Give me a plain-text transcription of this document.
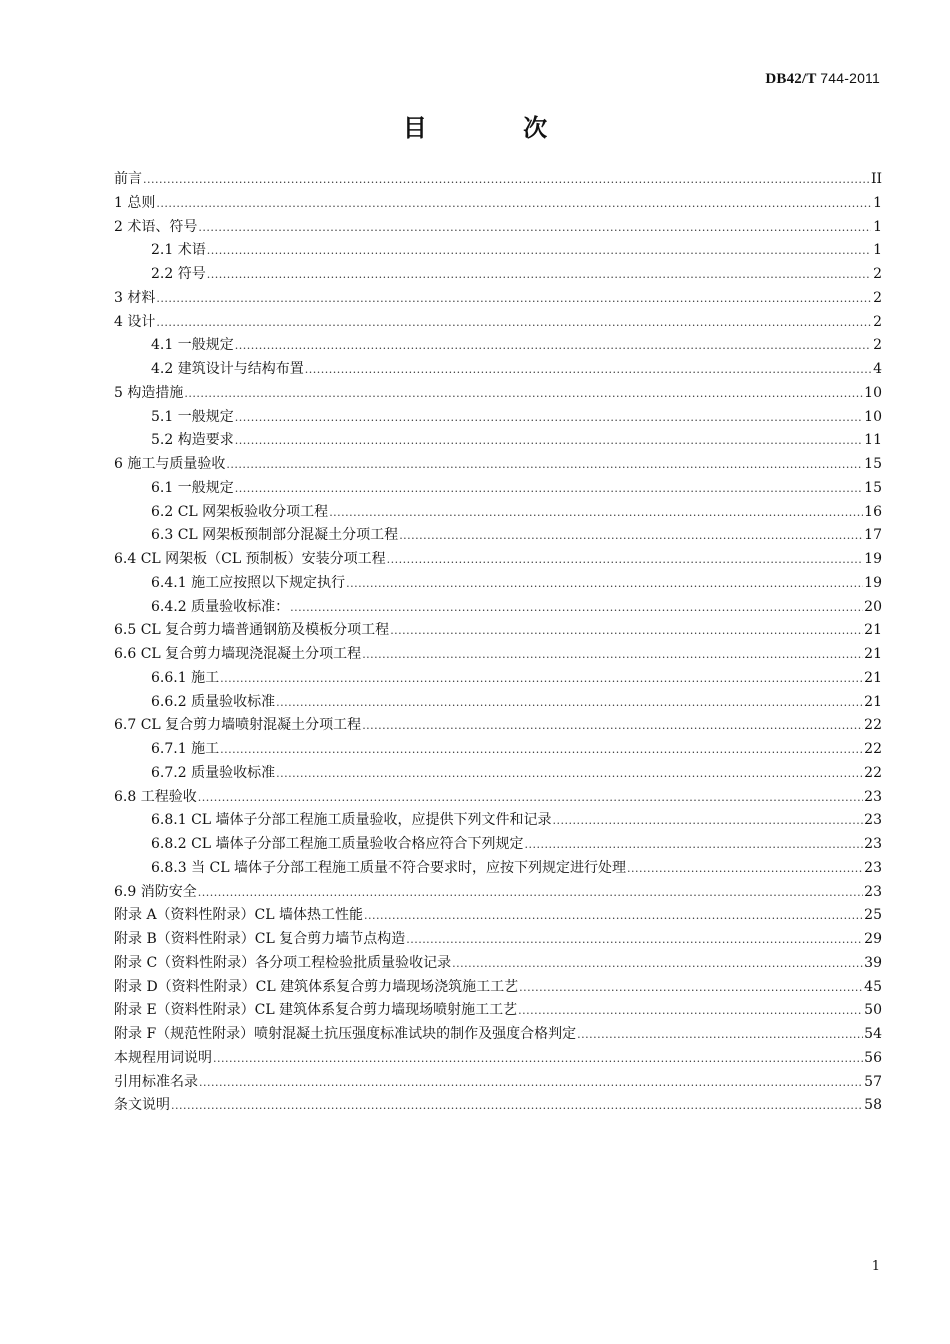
DB42/T 744-2011
目 次
前言 .....	II
1 总则 .....	1
2 术语、符号 .....	1
2.1 术语 .....	1
2.2 符号 .....	2
3 材料 .....	2
4 设计 .....	2
4.1 一般规定 .....	2
4.2 建筑设计与结构布置 .....	4
5 构造措施 .....	10
5.1 一般规定 .....	10
5.2 构造要求 .....	11
6 施工与质量验收 .....	15
6.1 一般规定 .....	15
6.2 CL 网架板验收分项工程 .....	16
6.3 CL 网架板预制部分混凝土分项工程 .....	17
6.4 CL 网架板（CL 预制板）安装分项工程 .....	19
6.4.1 施工应按照以下规定执行 .....	19
6.4.2 质量验收标准： .....	20
6.5 CL 复合剪力墙普通钢筋及模板分项工程 .....	21
6.6 CL 复合剪力墙现浇混凝土分项工程 .....	21
6.6.1 施工 .....	21
6.6.2 质量验收标准 .....	21
6.7 CL 复合剪力墙喷射混凝土分项工程 .....	22
6.7.1 施工 .....	22
6.7.2 质量验收标准 .....	22
6.8 工程验收 .....	23
6.8.1 CL 墙体子分部工程施工质量验收，应提供下列文件和记录 .....	23
6.8.2 CL 墙体子分部工程施工质量验收合格应符合下列规定 .....	23
6.8.3 当 CL 墙体子分部工程施工质量不符合要求时，应按下列规定进行处理 .....	23
6.9 消防安全 .....	23
附录 A（资料性附录）CL 墙体热工性能 .....	25
附录 B（资料性附录）CL 复合剪力墙节点构造 .....	29
附录 C（资料性附录）各分项工程检验批质量验收记录 .....	39
附录 D（资料性附录）CL 建筑体系复合剪力墙现场浇筑施工工艺 .....	45
附录 E（资料性附录）CL 建筑体系复合剪力墙现场喷射施工工艺 .....	50
附录 F（规范性附录）喷射混凝土抗压强度标准试块的制作及强度合格判定 .....	54
本规程用词说明 .....	56
引用标准名录 .....	57
条文说明 .....	58
1
